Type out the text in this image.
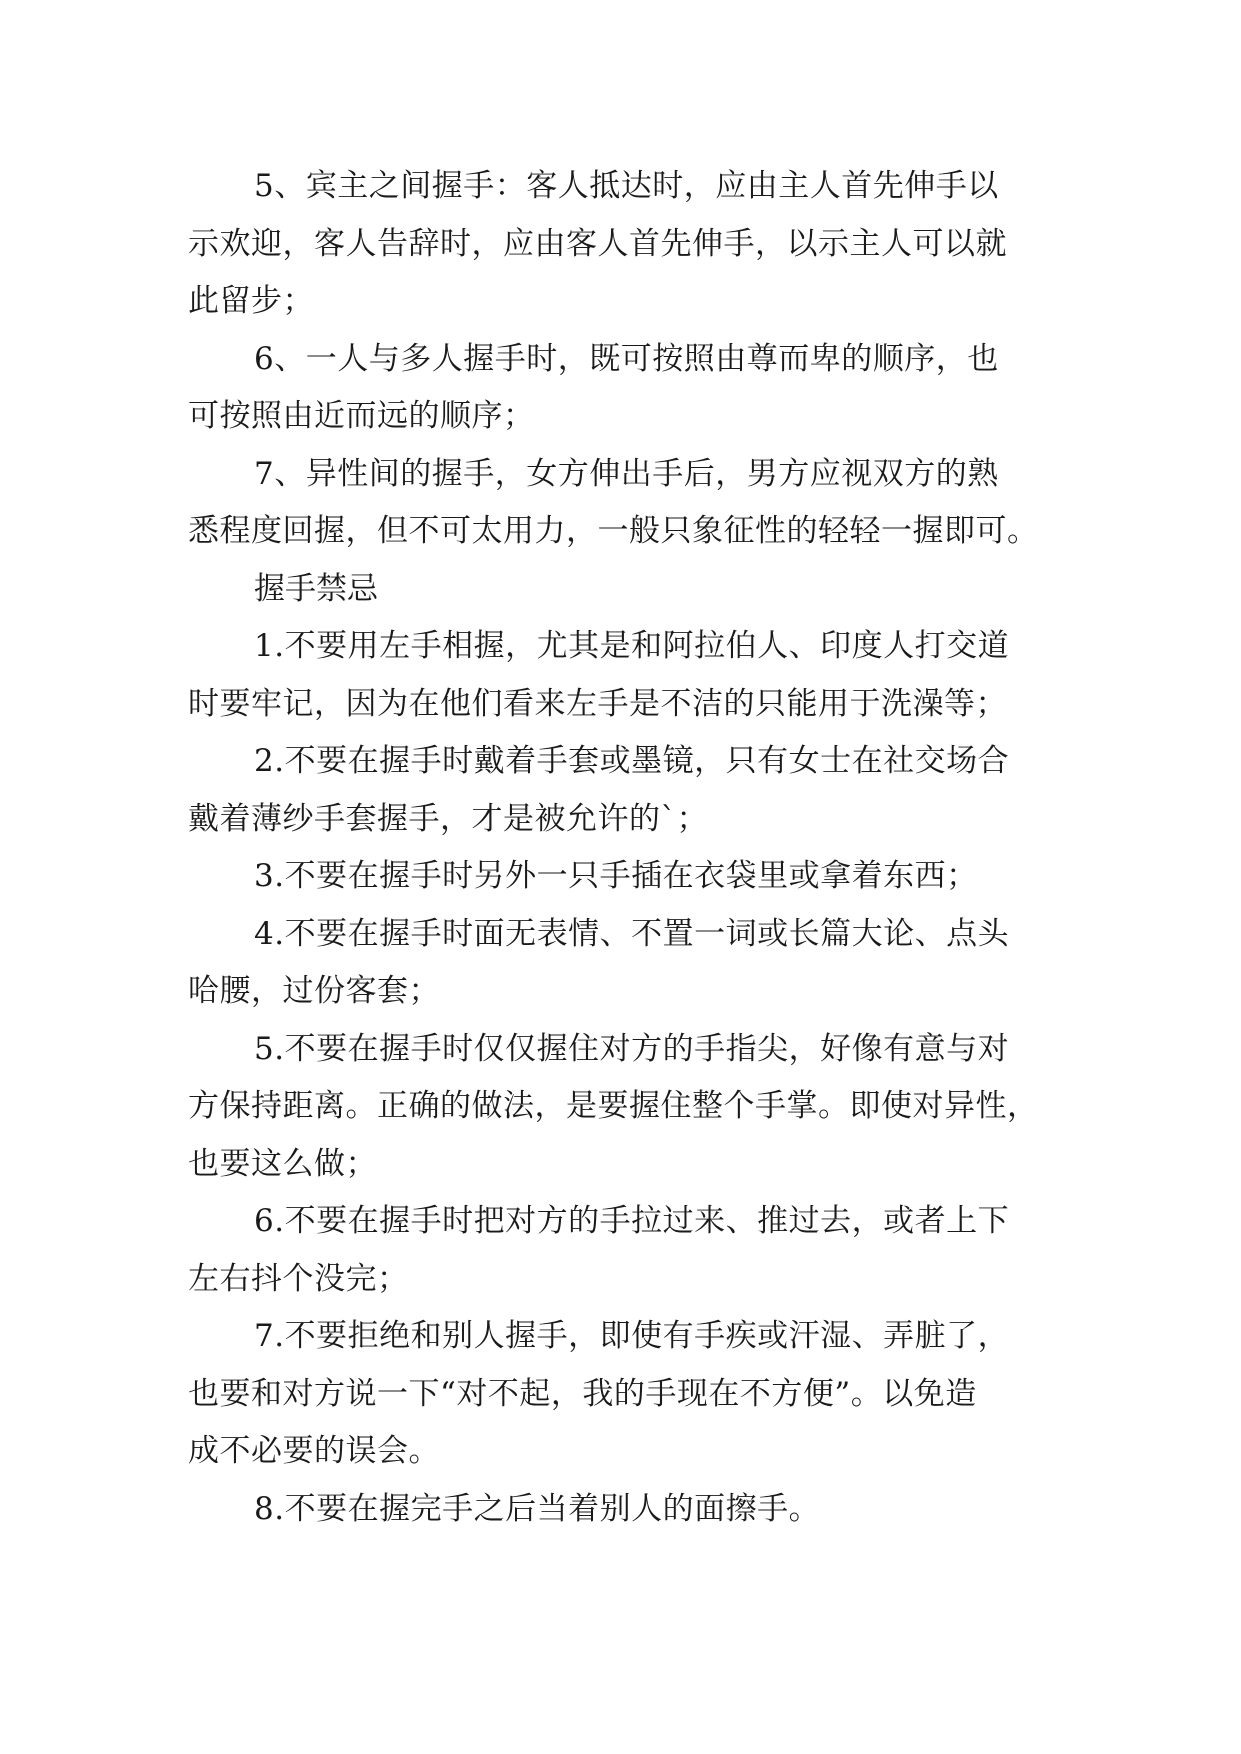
5、宾主之间握手：客人抵达时，应由主人首先伸手以

示欢迎，客人告辞时，应由客人首先伸手，以示主人可以就

此留步；

6、一人与多人握手时，既可按照由尊而卑的顺序，也

可按照由近而远的顺序；

7、异性间的握手，女方伸出手后，男方应视双方的熟

悉程度回握，但不可太用力，一般只象征性的轻轻一握即可。

握手禁忌

1.不要用左手相握，尤其是和阿拉伯人、印度人打交道

时要牢记，因为在他们看来左手是不洁的只能用于洗澡等；

2.不要在握手时戴着手套或墨镜，只有女士在社交场合

戴着薄纱手套握手，才是被允许的`；

3.不要在握手时另外一只手插在衣袋里或拿着东西；

4.不要在握手时面无表情、不置一词或长篇大论、点头

哈腰，过份客套；

5.不要在握手时仅仅握住对方的手指尖，好像有意与对

方保持距离。正确的做法，是要握住整个手掌。即使对异性，

也要这么做；

6.不要在握手时把对方的手拉过来、推过去，或者上下

左右抖个没完；

7.不要拒绝和别人握手，即使有手疾或汗湿、弄脏了，

也要和对方说一下“对不起，我的手现在不方便”。以免造

成不必要的误会。

8.不要在握完手之后当着别人的面擦手。
